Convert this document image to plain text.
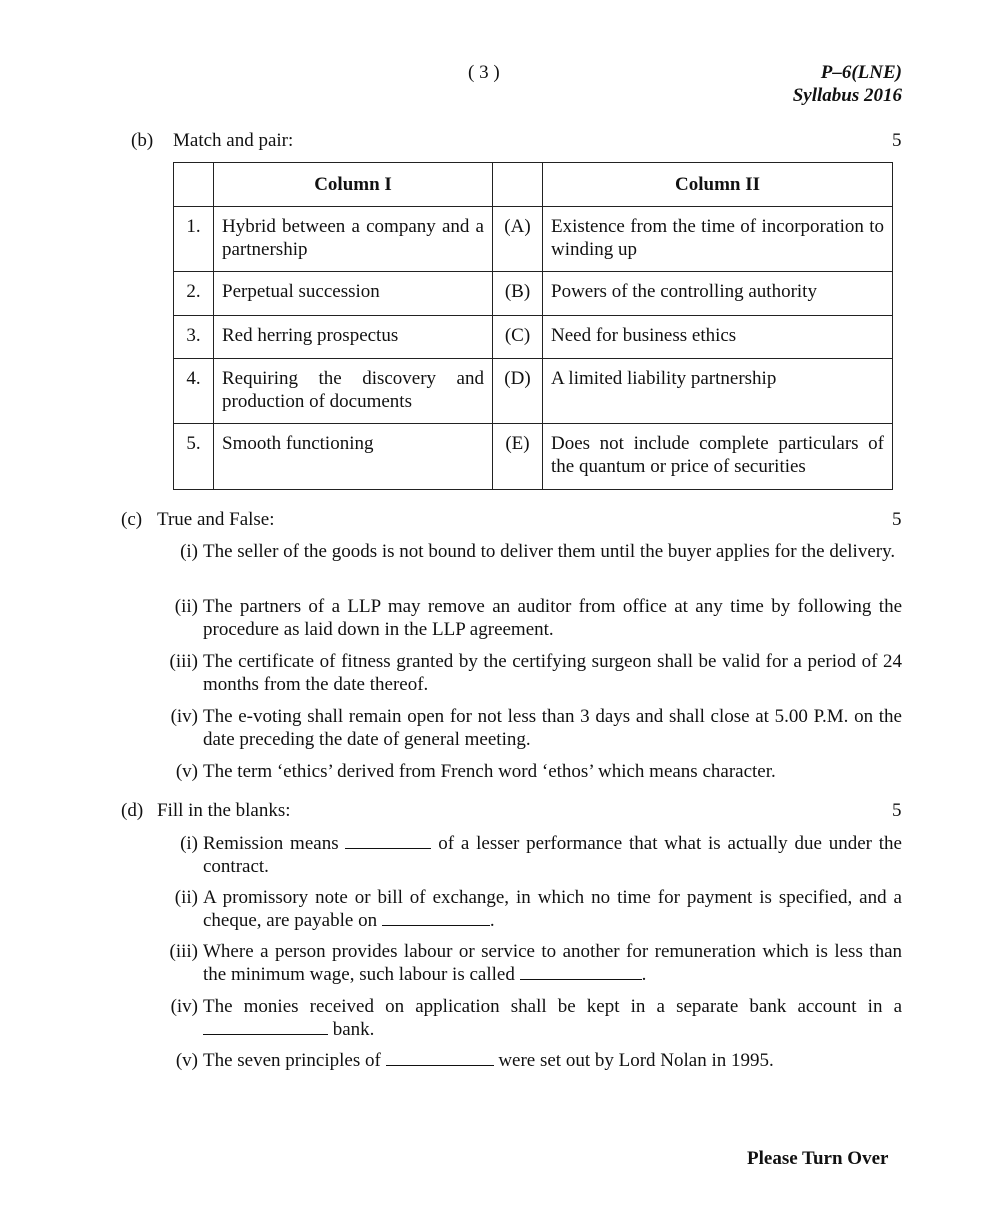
( 3 )	P–6(LNE)
Syllabus 2016
(b) Match and pair:	5
	Column I		Column II
1.	Hybrid between a company and a partnership	(A)	Existence from the time of incorporation to winding up
2.	Perpetual succession	(B)	Powers of the controlling authority
3.	Red herring prospectus	(C)	Need for business ethics
4.	Requiring the discovery and production of documents	(D)	A limited liability partnership
5.	Smooth functioning	(E)	Does not include complete particulars of the quantum or price of securities
(c) True and False:	5
(i) The seller of the goods is not bound to deliver them until the buyer applies for the delivery.
(ii) The partners of a LLP may remove an auditor from office at any time by following the procedure as laid down in the LLP agreement.
(iii) The certificate of fitness granted by the certifying surgeon shall be valid for a period of 24 months from the date thereof.
(iv) The e-voting shall remain open for not less than 3 days and shall close at 5.00 P.M. on the date preceding the date of general meeting.
(v) The term ‘ethics’ derived from French word ‘ethos’ which means character.
(d) Fill in the blanks:	5
(i) Remission means	of a lesser performance that what is actually due under the contract.
(ii) A promissory note or bill of exchange, in which no time for payment is specified, and a cheque, are payable on	.
(iii) Where a person provides labour or service to another for remuneration which is less than the minimum wage, such labour is called	.
(iv) The monies received on application shall be kept in a separate bank account in a  bank.
(v) The seven principles of	were set out by Lord Nolan in 1995.
Please Turn Over
